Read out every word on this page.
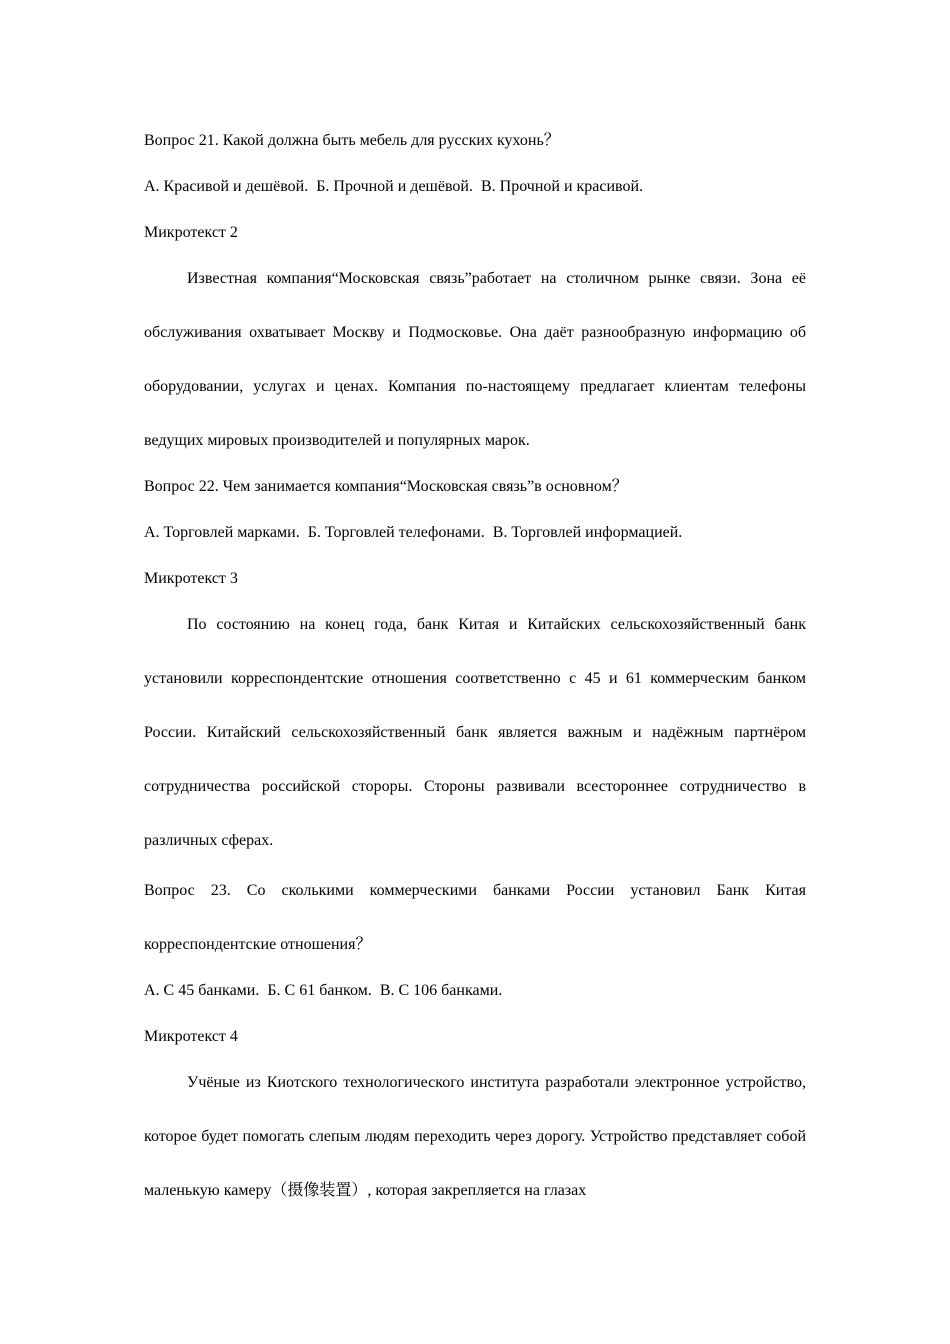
Вопрос 21. Какой должна быть мебель для русских кухонь？

А. Красивой и дешёвой. Б. Прочной и дешёвой. В. Прочной и красивой.

Микротекст 2

Известная компания“Московская связь”работает на столичном рынке связи. Зона её обслуживания охватывает Москву и Подмосковье. Она даёт разнообразную информацию об оборудовании, услугах и ценах. Компания по-настоящему предлагает клиентам телефоны ведущих мировых производителей и популярных марок.

Вопрос 22. Чем занимается компания“Московская связь”в основном？

А. Торговлей марками. Б. Торговлей телефонами. В. Торговлей информацией.

Микротекст 3

По состоянию на конец года, банк Китая и Китайских сельскохозяйственный банк установили корреспондентские отношения соответственно с 45 и 61 коммерческим банком России. Китайский сельскохозяйственный банк является важным и надёжным партнёром сотрудничества российской стороры. Стороны развивали всестороннее сотрудничество в различных сферах.

Вопрос 23. Со сколькими коммерческими банками России установил Банк Китая корреспондентские отношения？

А. С 45 банками. Б. С 61 банком. В. С 106 банками.

Микротекст 4

Учёные из Киотского технологического института разработали электронное устройство, которое будет помогать слепым людям переходить через дорогу. Устройство представляет собой маленькую камеру（摄像装置）, которая закрепляется на глазах
